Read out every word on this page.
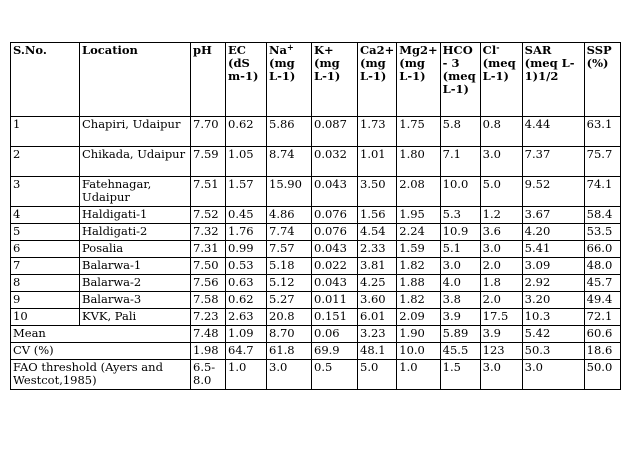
S.No.	Location	pH	EC (dS m-1)	Na+ (mg L-1)	K+ (mg L-1)	Ca2+ (mg L-1)	Mg2+ (mg L-1)	HCO - 3 (meq L-1)	Cl- (meq L-1)	SAR (meq L-1)1/2	SSP (%)
1	Chapiri, Udaipur	7.70	0.62	5.86	0.087	1.73	1.75	5.8	0.8	4.44	63.1
2	Chikada, Udaipur	7.59	1.05	8.74	0.032	1.01	1.80	7.1	3.0	7.37	75.7
3	Fatehnagar, Udaipur	7.51	1.57	15.90	0.043	3.50	2.08	10.0	5.0	9.52	74.1
4	Haldigati-1	7.52	0.45	4.86	0.076	1.56	1.95	5.3	1.2	3.67	58.4
5	Haldigati-2	7.32	1.76	7.74	0.076	4.54	2.24	10.9	3.6	4.20	53.5
6	Posalia	7.31	0.99	7.57	0.043	2.33	1.59	5.1	3.0	5.41	66.0
7	Balarwa-1	7.50	0.53	5.18	0.022	3.81	1.82	3.0	2.0	3.09	48.0
8	Balarwa-2	7.56	0.63	5.12	0.043	4.25	1.88	4.0	1.8	2.92	45.7
9	Balarwa-3	7.58	0.62	5.27	0.011	3.60	1.82	3.8	2.0	3.20	49.4
10	KVK, Pali	7.23	2.63	20.8	0.151	6.01	2.09	3.9	17.5	10.3	72.1
Mean		7.48	1.09	8.70	0.06	3.23	1.90	5.89	3.9	5.42	60.6
CV (%)		1.98	64.7	61.8	69.9	48.1	10.0	45.5	123	50.3	18.6
FAO threshold (Ayers and Westcot,1985)		6.5-8.0	1.0	3.0	0.5	5.0	1.0	1.5	3.0	3.0	50.0
